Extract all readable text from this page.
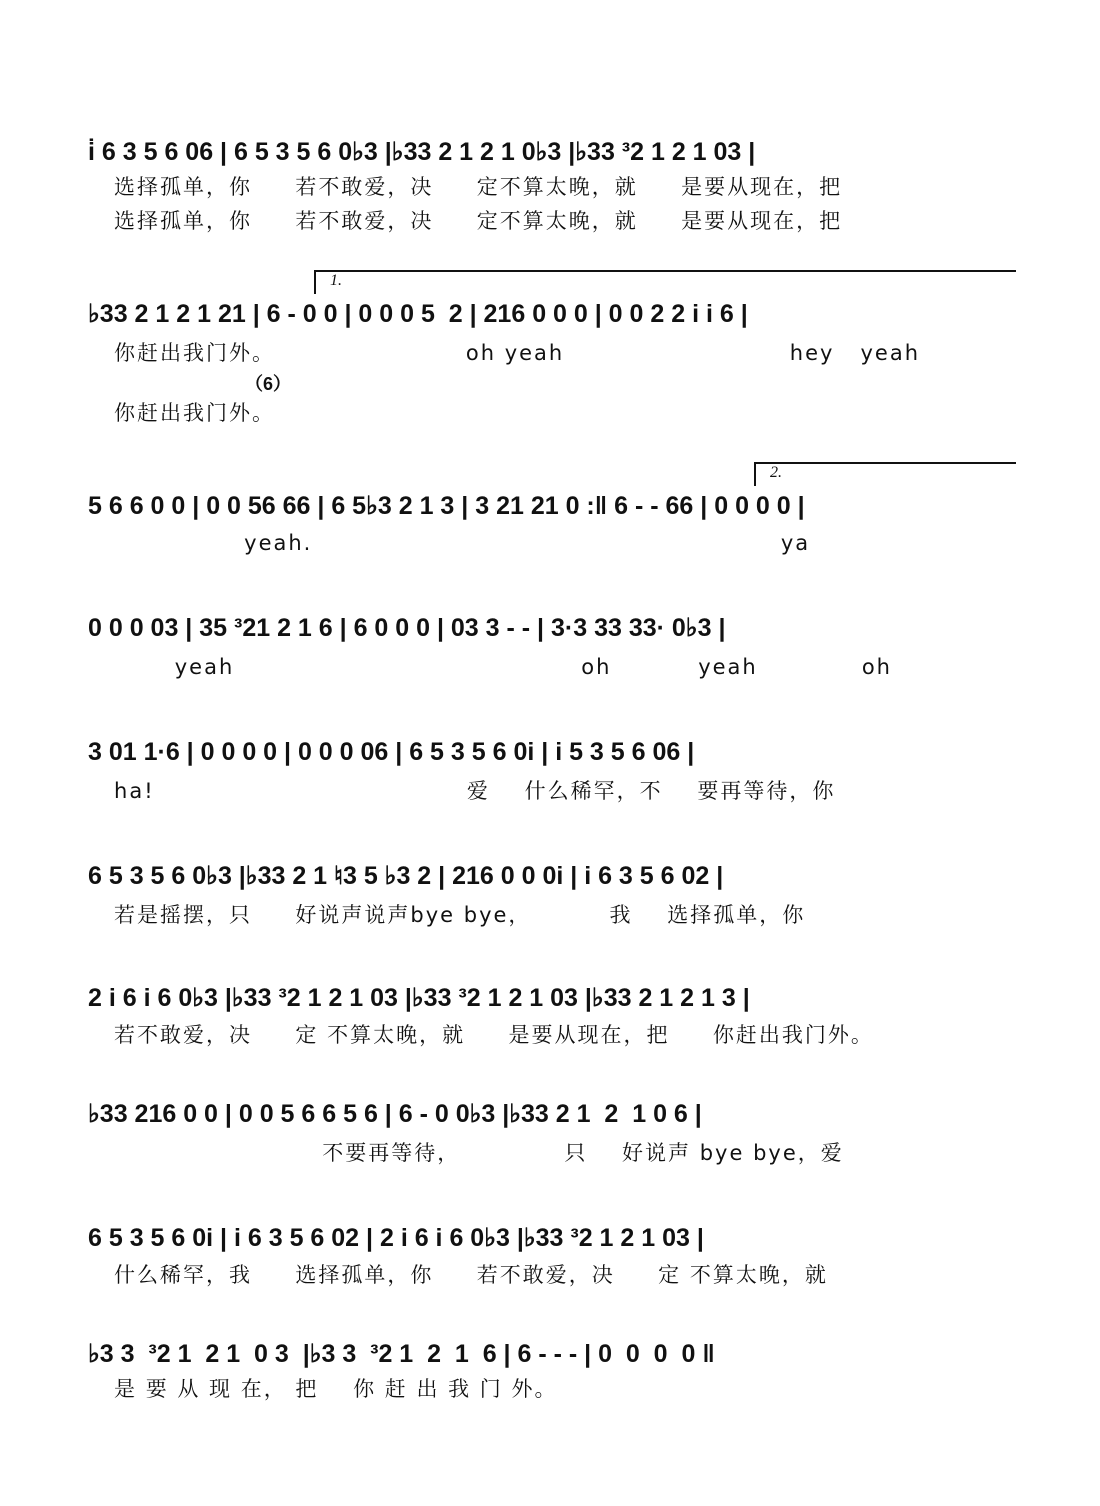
i̇ 6 3 5 6 06 | 6 5 3 5 6 0♭3 |♭33 2 1 2 1 0♭3 |♭33 ³2 1 2 1 03 |
选择孤单，你     若不敢爱，决     定不算太晚，就     是要从现在，把
选择孤单，你     若不敢爱，决     定不算太晚，就     是要从现在，把
1.
♭33 2 1 2 1 21 | 6 - 0 0 | 0 0 0 5  2 | 216 0 0 0 | 0 0 2 2 i i 6 |
你赶出我门外。                      oh yeah                          hey   yeah
（6）
你赶出我门外。
2.
5 6 6 0 0 | 0 0 56 66 | 6 5♭3 2 1 3 | 3 21 21 0 :‖ 6 - - 66 | 0 0 0 0 |
yeah.                                                      ya
0 0 0 03 | 35 ³21 2 1 6 | 6 0 0 0 | 03 3 - - | 3·3 33 33· 0♭3 |
yeah                                        oh          yeah            oh
3 01 1·6 | 0 0 0 0 | 0 0 0 06 | 6 5 3 5 6 0i | i 5 3 5 6 06 |
ha!                                    爱    什么稀罕，不    要再等待，你
6 5 3 5 6 0♭3 |♭33 2 1 ♮3 5 ♭3 2 | 216 0 0 0i | i 6 3 5 6 02 |
若是摇摆，只     好说声说声bye bye，         我    选择孤单，你
2 i 6 i 6 0♭3 |♭33 ³2 1 2 1 03 |♭33 ³2 1 2 1 03 |♭33 2 1 2 1 3 |
若不敢爱，决     定 不算太晚，就     是要从现在，把     你赶出我门外。
♭33 216 0 0 | 0 0 5 6 6 5 6 | 6 - 0 0♭3 |♭33 2 1  2  1 0 6 |
不要再等待，            只    好说声 bye bye，爱
6 5 3 5 6 0i | i 6 3 5 6 02 | 2 i 6 i 6 0♭3 |♭33 ³2 1 2 1 03 |
什么稀罕，我     选择孤单，你     若不敢爱，决     定 不算太晚，就
♭3 3  ³2 1  2 1  0 3  |♭3 3  ³2 1  2  1  6 | 6 - - - | 0  0  0  0 ‖
是 要 从 现 在， 把    你 赶 出 我 门 外。
